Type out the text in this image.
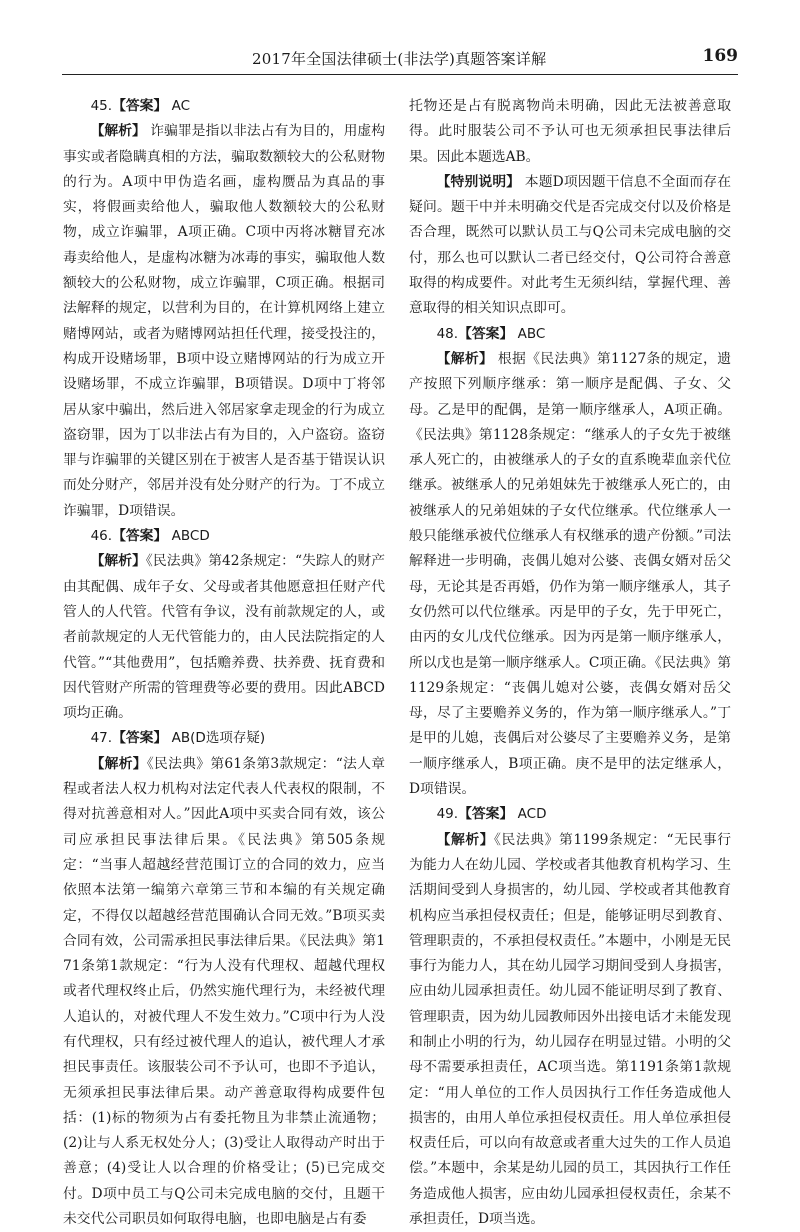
2017年全国法律硕士(非法学)真题答案详解	169

45.【答案】 AC

【解析】 诈骗罪是指以非法占有为目的，用虚构事实或者隐瞒真相的方法，骗取数额较大的公私财物的行为。A项中甲伪造名画，虚构赝品为真品的事实，将假画卖给他人，骗取他人数额较大的公私财物，成立诈骗罪，A项正确。C项中丙将冰糖冒充冰毒卖给他人，是虚构冰糖为冰毒的事实，骗取他人数额较大的公私财物，成立诈骗罪，C项正确。根据司法解释的规定，以营利为目的，在计算机网络上建立赌博网站，或者为赌博网站担任代理，接受投注的，构成开设赌场罪，B项中设立赌博网站的行为成立开设赌场罪，不成立诈骗罪，B项错误。D项中丁将邻居从家中骗出，然后进入邻居家拿走现金的行为成立盗窃罪，因为丁以非法占有为目的，入户盗窃。盗窃罪与诈骗罪的关键区别在于被害人是否基于错误认识而处分财产，邻居并没有处分财产的行为。丁不成立诈骗罪，D项错误。

46.【答案】 ABCD

【解析】《民法典》第42条规定：“失踪人的财产由其配偶、成年子女、父母或者其他愿意担任财产代管人的人代管。代管有争议，没有前款规定的人，或者前款规定的人无代管能力的，由人民法院指定的人代管。”“其他费用”，包括赡养费、扶养费、抚育费和因代管财产所需的管理费等必要的费用。因此ABCD项均正确。

47.【答案】 AB(D选项存疑)

【解析】《民法典》第61条第3款规定：“法人章程或者法人权力机构对法定代表人代表权的限制，不得对抗善意相对人。”因此A项中买卖合同有效，该公司应承担民事法律后果。《民法典》第505条规定：“当事人超越经营范围订立的合同的效力，应当依照本法第一编第六章第三节和本编的有关规定确定，不得仅以超越经营范围确认合同无效。”B项买卖合同有效，公司需承担民事法律后果。《民法典》第171条第1款规定：“行为人没有代理权、超越代理权或者代理权终止后，仍然实施代理行为，未经被代理人追认的，对被代理人不发生效力。”C项中行为人没有代理权，只有经过被代理人的追认，被代理人才承担民事责任。该服装公司不予认可，也即不予追认，无须承担民事法律后果。动产善意取得构成要件包括：(1)标的物须为占有委托物且为非禁止流通物；(2)让与人系无权处分人；(3)受让人取得动产时出于善意；(4)受让人以合理的价格受让；(5)已完成交付。D项中员工与Q公司未完成电脑的交付，且题干未交代公司职员如何取得电脑，也即电脑是占有委

托物还是占有脱离物尚未明确，因此无法被善意取得。此时服装公司不予认可也无须承担民事法律后果。因此本题选AB。

【特别说明】 本题D项因题干信息不全面而存在疑问。题干中并未明确交代是否完成交付以及价格是否合理，既然可以默认员工与Q公司未完成电脑的交付，那么也可以默认二者已经交付，Q公司符合善意取得的构成要件。对此考生无须纠结，掌握代理、善意取得的相关知识点即可。

48.【答案】 ABC

【解析】 根据《民法典》第1127条的规定，遗产按照下列顺序继承：第一顺序是配偶、子女、父母。乙是甲的配偶，是第一顺序继承人，A项正确。《民法典》第1128条规定：“继承人的子女先于被继承人死亡的，由被继承人的子女的直系晚辈血亲代位继承。被继承人的兄弟姐妹先于被继承人死亡的，由被继承人的兄弟姐妹的子女代位继承。代位继承人一般只能继承被代位继承人有权继承的遗产份额。”司法解释进一步明确，丧偶儿媳对公婆、丧偶女婿对岳父母，无论其是否再婚，仍作为第一顺序继承人，其子女仍然可以代位继承。丙是甲的子女，先于甲死亡，由丙的女儿戊代位继承。因为丙是第一顺序继承人，所以戊也是第一顺序继承人。C项正确。《民法典》第1129条规定：“丧偶儿媳对公婆，丧偶女婿对岳父母，尽了主要赡养义务的，作为第一顺序继承人。”丁是甲的儿媳，丧偶后对公婆尽了主要赡养义务，是第一顺序继承人，B项正确。庚不是甲的法定继承人，D项错误。

49.【答案】 ACD

【解析】《民法典》第1199条规定：“无民事行为能力人在幼儿园、学校或者其他教育机构学习、生活期间受到人身损害的，幼儿园、学校或者其他教育机构应当承担侵权责任；但是，能够证明尽到教育、管理职责的，不承担侵权责任。”本题中，小刚是无民事行为能力人，其在幼儿园学习期间受到人身损害，应由幼儿园承担责任。幼儿园不能证明尽到了教育、管理职责，因为幼儿园教师因外出接电话才未能发现和制止小明的行为，幼儿园存在明显过错。小明的父母不需要承担责任，AC项当选。第1191条第1款规定：“用人单位的工作人员因执行工作任务造成他人损害的，由用人单位承担侵权责任。用人单位承担侵权责任后，可以向有故意或者重大过失的工作人员追偿。”本题中，余某是幼儿园的员工，其因执行工作任务造成他人损害，应由幼儿园承担侵权责任，余某不承担责任，D项当选。
